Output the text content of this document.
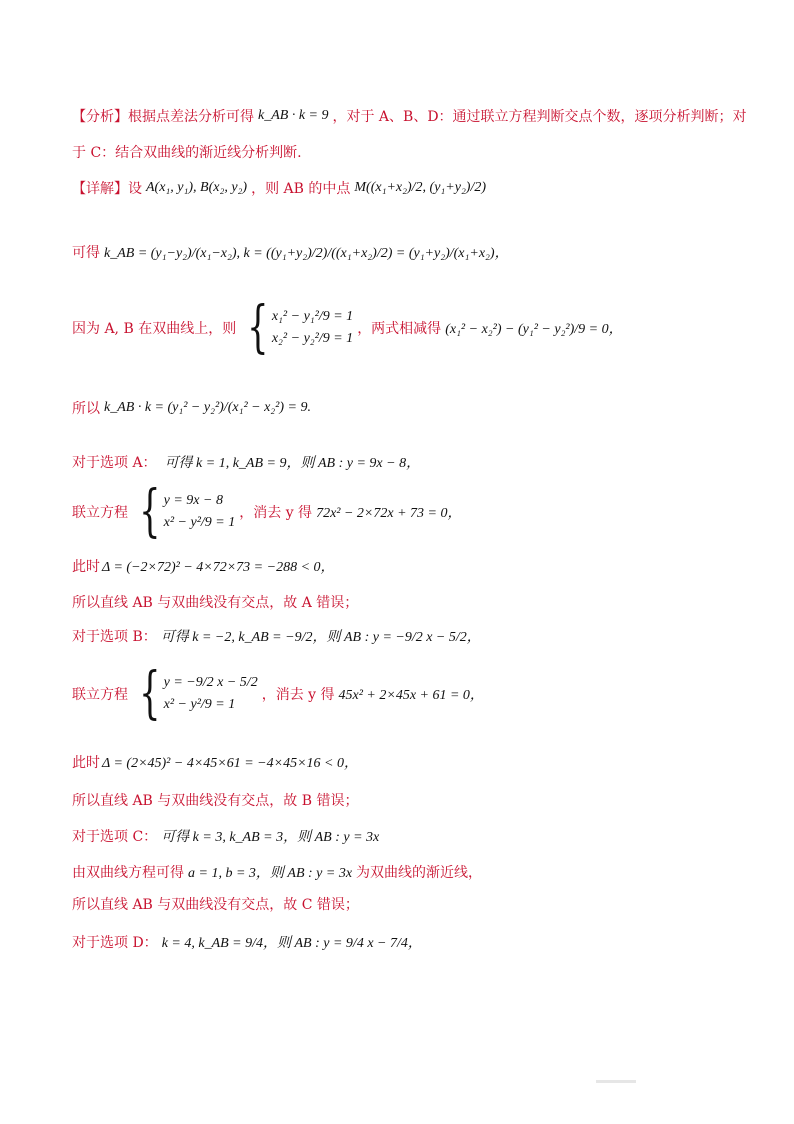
【分析】 根据点差法分析可得 k_AB · k = 9 ，对于 A、B、D：通过联立方程判断交点个数，逐项分析判断；对
于 C：结合双曲线的渐近线分析判断.
【详解】 设 A(x₁, y₁), B(x₂, y₂) ，则 AB 的中点 M((x₁+x₂)/2, (y₁+y₂)/2)
可得 k_AB = (y₁−y₂)/(x₁−x₂), k = ((y₁+y₂)/2)/((x₁+x₂)/2) = (y₁+y₂)/(x₁+x₂)，
因为 A, B 在双曲线上，则 { x₁² − y₁²/9 = 1
x₂² − y₂²/9 = 1
，两式相减得 (x₁² − x₂²) − (y₁² − y₂²)/9 = 0，
所以 k_AB · k = (y₁² − y₂²)/(x₁² − x₂²) = 9.
对于选项 A： 可得 k = 1, k_AB = 9，则 AB : y = 9x − 8，
联立方程 { y = 9x − 8
x² − y²/9 = 1
，消去 y 得 72x² − 2×72x + 73 = 0，
此时 Δ = (−2×72)² − 4×72×73 = −288 < 0，
所以直线 AB 与双曲线没有交点，故 A 错误；
对于选项 B： 可得 k = −2, k_AB = −9/2，则 AB : y = −9/2 x − 5/2，
联立方程 { y = −9/2 x − 5/2
x² − y²/9 = 1
，消去 y 得 45x² + 2×45x + 61 = 0，
此时 Δ = (2×45)² − 4×45×61 = −4×45×16 < 0，
所以直线 AB 与双曲线没有交点，故 B 错误；
对于选项 C： 可得 k = 3, k_AB = 3，则 AB : y = 3x
由双曲线方程可得 a = 1, b = 3，则 AB : y = 3x 为双曲线的渐近线，
所以直线 AB 与双曲线没有交点，故 C 错误；
对于选项 D： k = 4, k_AB = 9/4，则 AB : y = 9/4 x − 7/4，
